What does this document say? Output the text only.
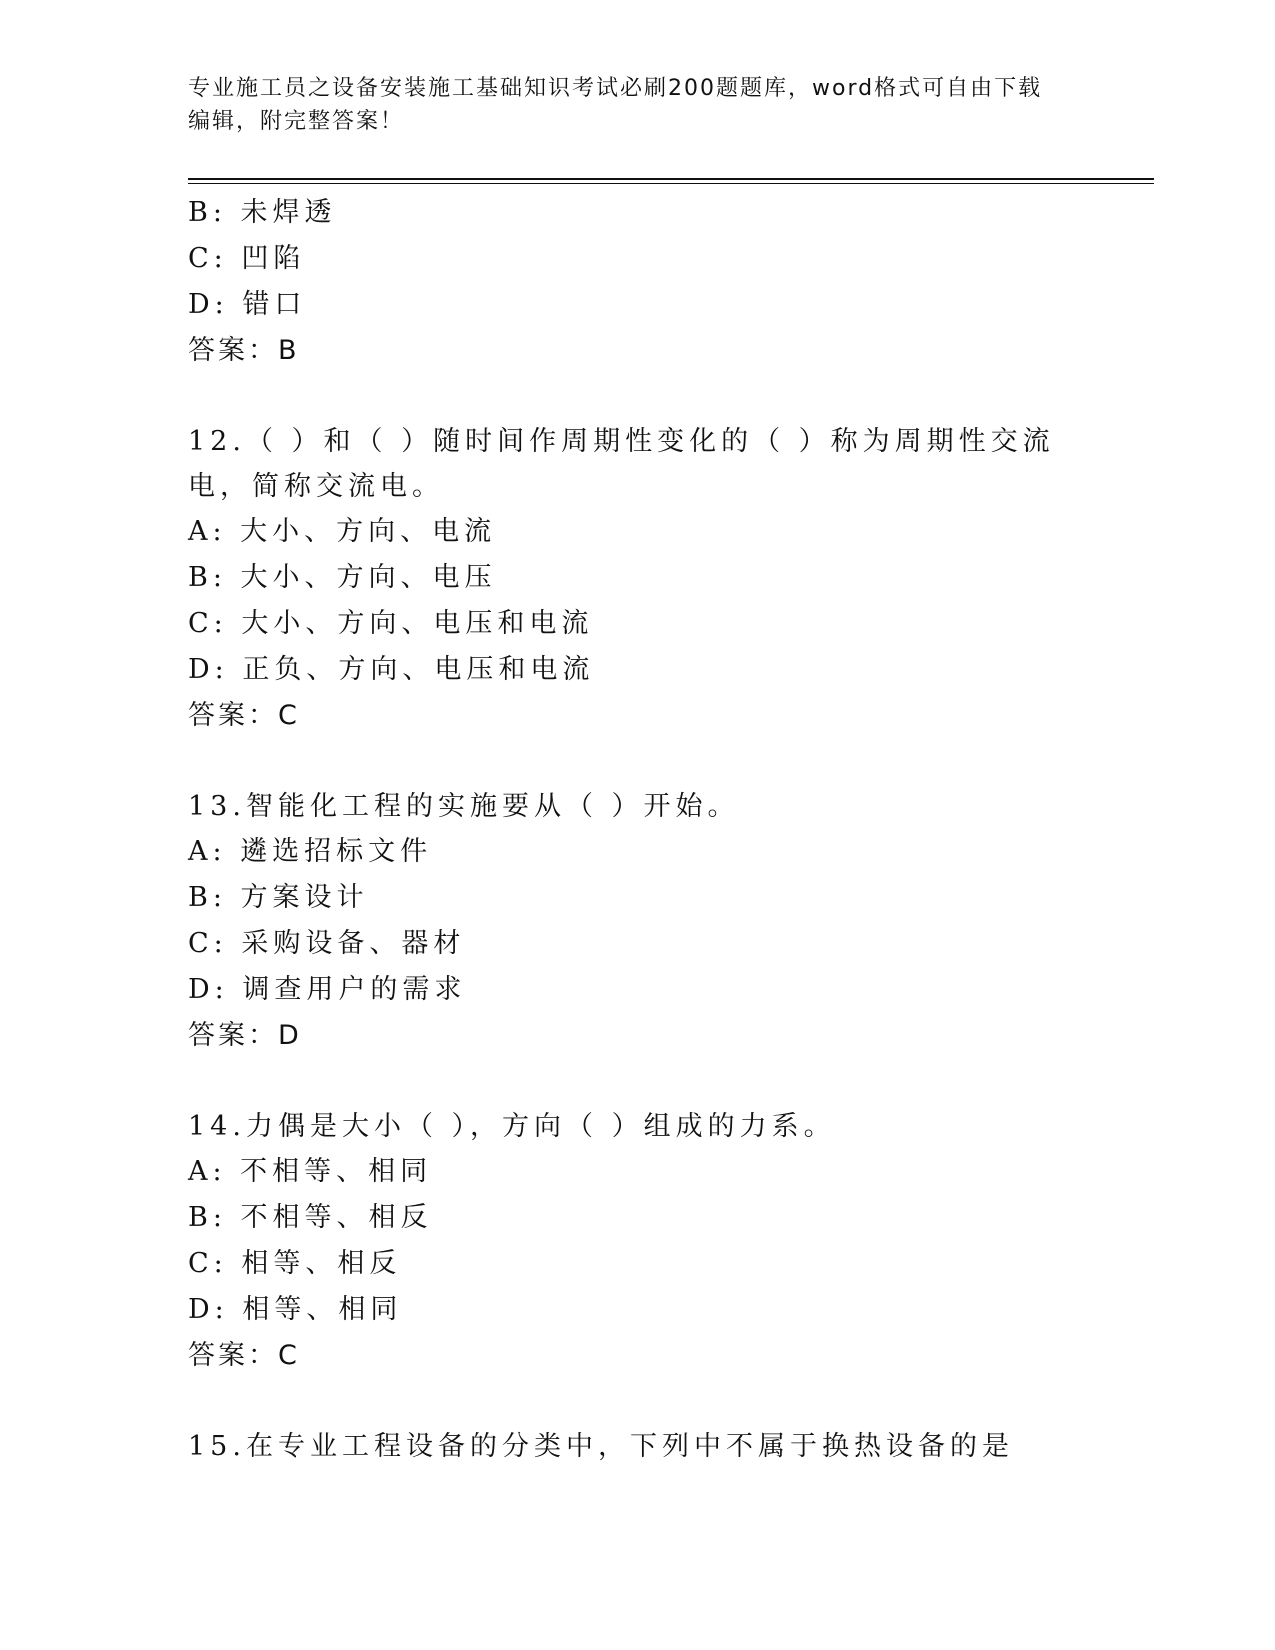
专业施工员之设备安装施工基础知识考试必刷200题题库，word格式可自由下载
编辑，附完整答案！
B: 未焊透
C: 凹陷
D: 错口
答案：B
12.（ ）和（ ）随时间作周期性变化的（ ）称为周期性交流电，简称交流电。
A: 大小、方向、电流
B: 大小、方向、电压
C: 大小、方向、电压和电流
D: 正负、方向、电压和电流
答案：C
13.智能化工程的实施要从（ ）开始。
A: 遴选招标文件
B: 方案设计
C: 采购设备、器材
D: 调查用户的需求
答案：D
14.力偶是大小（ ），方向（ ）组成的力系。
A: 不相等、相同
B: 不相等、相反
C: 相等、相反
D: 相等、相同
答案：C
15.在专业工程设备的分类中，下列中不属于换热设备的是
